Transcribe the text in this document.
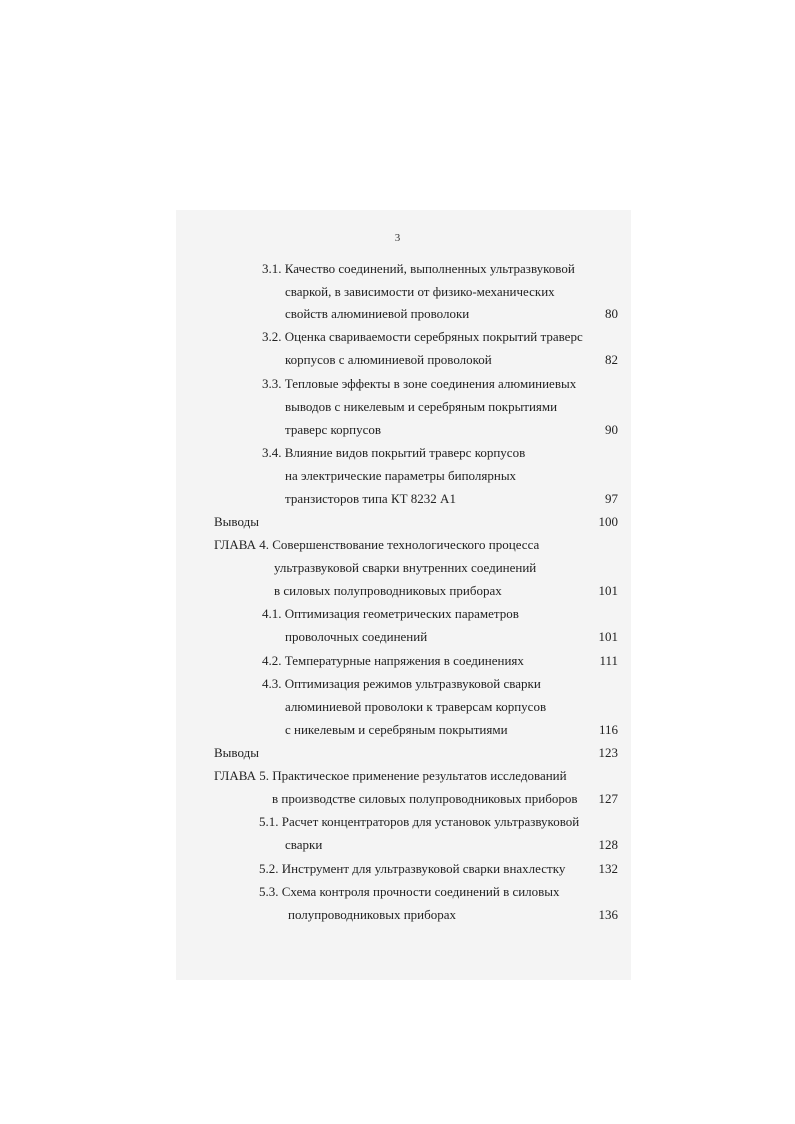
3
3.1. Качество соединений, выполненных ультразвуковой
сваркой, в зависимости от физико-механических
свойств алюминиевой проволоки	80
3.2. Оценка свариваемости серебряных покрытий траверс
корпусов с алюминиевой проволокой	82
3.3. Тепловые эффекты в зоне соединения алюминиевых
выводов с никелевым и серебряным покрытиями
траверс корпусов	90
3.4. Влияние видов покрытий траверс корпусов
на электрические параметры биполярных
транзисторов типа КТ 8232 А1	97
Выводы	100
ГЛАВА 4. Совершенствование технологического процесса
ультразвуковой сварки внутренних соединений
в силовых полупроводниковых приборах	101
4.1. Оптимизация геометрических параметров
проволочных соединений	101
4.2. Температурные напряжения в соединениях	111
4.3. Оптимизация режимов ультразвуковой сварки
алюминиевой проволоки к траверсам корпусов
с никелевым и серебряным покрытиями	116
Выводы	123
ГЛАВА 5. Практическое применение результатов исследований
в производстве силовых полупроводниковых приборов	127
5.1. Расчет концентраторов для установок ультразвуковой
сварки	128
5.2. Инструмент для ультразвуковой сварки внахлестку	132
5.3. Схема контроля прочности соединений в силовых
полупроводниковых приборах	136
